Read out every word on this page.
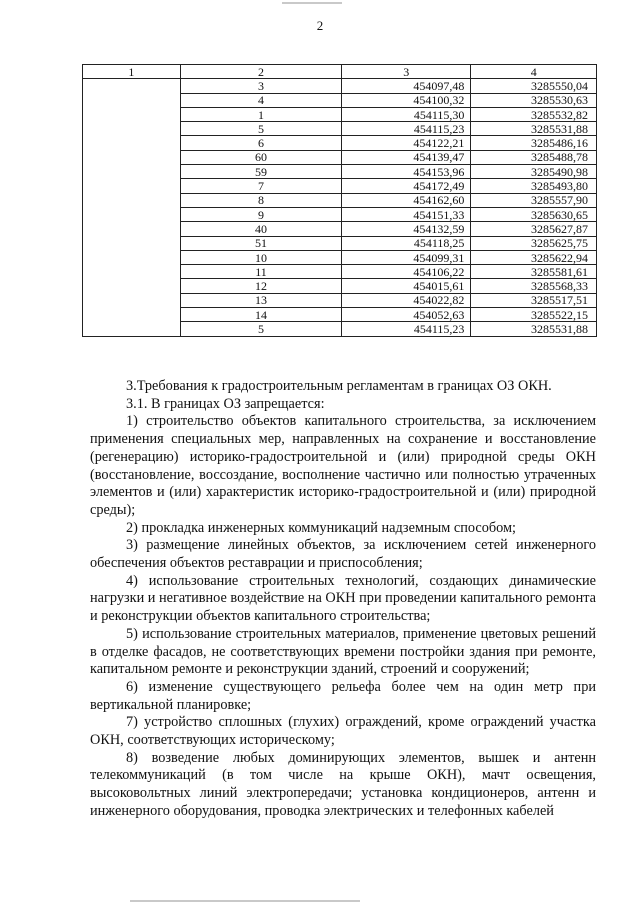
2
1	2	3	4
	3	454097,48	3285550,04
	4	454100,32	3285530,63
	1	454115,30	3285532,82
	5	454115,23	3285531,88
	6	454122,21	3285486,16
	60	454139,47	3285488,78
	59	454153,96	3285490,98
	7	454172,49	3285493,80
	8	454162,60	3285557,90
	9	454151,33	3285630,65
	40	454132,59	3285627,87
	51	454118,25	3285625,75
	10	454099,31	3285622,94
	11	454106,22	3285581,61
	12	454015,61	3285568,33
	13	454022,82	3285517,51
	14	454052,63	3285522,15
	5	454115,23	3285531,88

3.Требования к градостроительным регламентам в границах ОЗ ОКН.

3.1. В границах ОЗ запрещается:

1) строительство объектов капитального строительства, за исключением применения специальных мер, направленных на сохранение и восстановление (регенерацию) историко-градостроительной и (или) природной среды ОКН (восстановление, воссоздание, восполнение частично или полностью утраченных элементов и (или) характеристик историко-градостроительной и (или) природной среды);

2) прокладка инженерных коммуникаций надземным способом;

3) размещение линейных объектов, за исключением сетей инженерного обеспечения объектов реставрации и приспособления;

4) использование строительных технологий, создающих динамические нагрузки и негативное воздействие на ОКН при проведении капитального ремонта и реконструкции объектов капитального строительства;

5) использование строительных материалов, применение цветовых решений в отделке фасадов, не соответствующих времени постройки здания при ремонте, капитальном ремонте и реконструкции зданий, строений и сооружений;

6) изменение существующего рельефа более чем на один метр при вертикальной планировке;

7) устройство сплошных (глухих) ограждений, кроме ограждений участка ОКН, соответствующих историческому;

8) возведение любых доминирующих элементов, вышек и антенн телекоммуникаций (в том числе на крыше ОКН), мачт освещения, высоковольтных линий электропередачи; установка кондиционеров, антенн и инженерного оборудования, проводка электрических и телефонных кабелей
